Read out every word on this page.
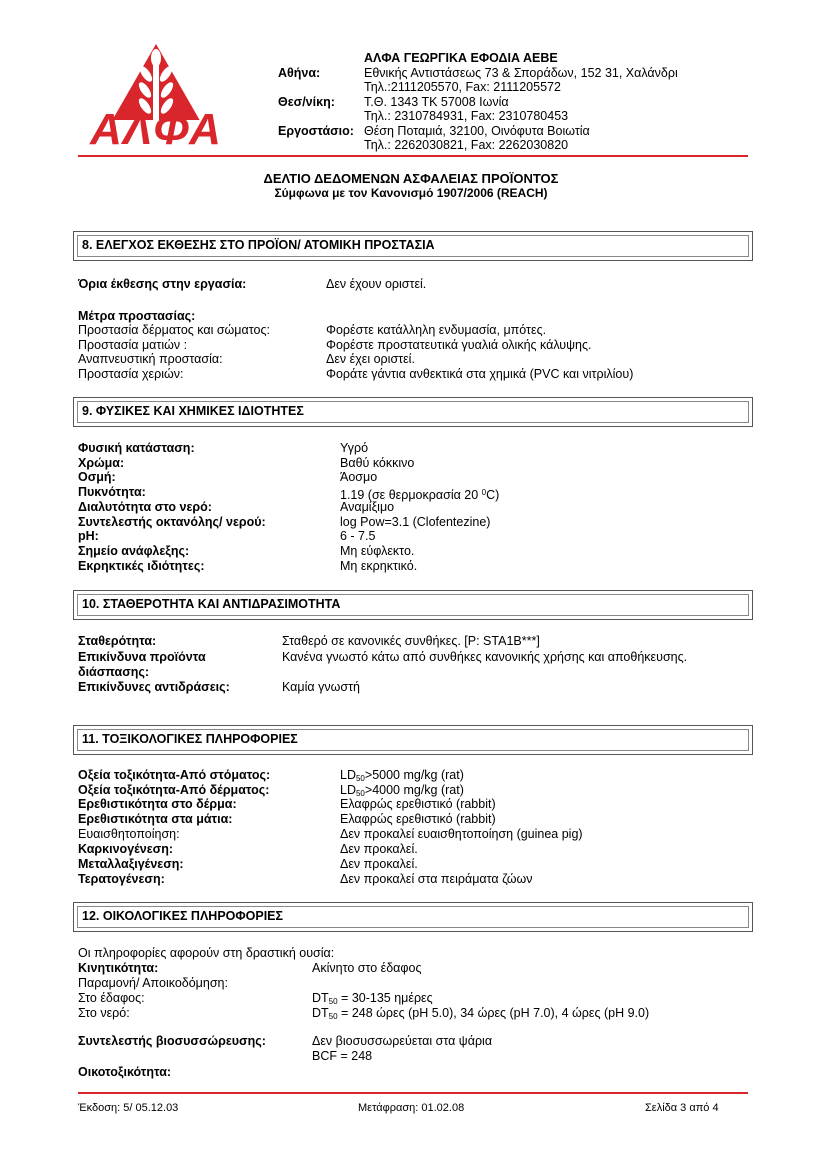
ΑΛΦΑ
ΑΛΦΑ ΓΕΩΡΓΙΚΑ ΕΦΟΔΙΑ ΑΕΒΕ
Αθήνα:	Εθνικής Αντιστάσεως 73 & Σποράδων, 152 31, Χαλάνδρι
Τηλ.:2111205570, Fax: 2111205572
Θεσ/νίκη: Τ.Θ. 1343 ΤΚ 57008 Ιωνία
Τηλ.: 2310784931, Fax: 2310780453
Εργοστάσιο: Θέση Ποταμιά, 32100, Οινόφυτα Βοιωτία
Τηλ.: 2262030821, Fax: 2262030820
ΔΕΛΤΙΟ ΔΕΔΟΜΕΝΩΝ ΑΣΦΑΛΕΙΑΣ ΠΡΟΪΟΝΤΟΣ
Σύμφωνα με τον Κανονισμό 1907/2006 (REACH)
8. ΕΛΕΓΧΟΣ ΕΚΘΕΣΗΣ ΣΤΟ ΠΡΟΪΟΝ/ ΑΤΟΜΙΚΗ ΠΡΟΣΤΑΣΙΑ
Όρια έκθεσης στην εργασία:	Δεν έχουν οριστεί.
Μέτρα προστασίας:
Προστασία δέρματος και σώματος:	Φορέστε κατάλληλη ενδυμασία, μπότες.
Προστασία ματιών :	Φορέστε προστατευτικά γυαλιά ολικής κάλυψης.
Αναπνευστική προστασία:	Δεν έχει οριστεί.
Προστασία χεριών:	Φοράτε γάντια ανθεκτικά στα χημικά (PVC και νιτριλίου)
9. ΦΥΣΙΚΕΣ ΚΑΙ ΧΗΜΙΚΕΣ ΙΔΙΟΤΗΤΕΣ
Φυσική κατάσταση:	Υγρό
Χρώμα:	Βαθύ κόκκινο
Οσμή:	Άοσμο
Πυκνότητα:	1.19 (σε θερμοκρασία 20 $^0$C)
Διαλυτότητα στο νερό:	Αναμίξιμο
Συντελεστής οκτανόλης/ νερού:	log Pow=3.1 (Clofentezine)
pH:	6 - 7.5
Σημείο ανάφλεξης:	Μη εύφλεκτο.
Εκρηκτικές ιδιότητες:	Μη εκρηκτικό.
10. ΣΤΑΘΕΡΟΤΗΤΑ ΚΑΙ ΑΝΤΙΔΡΑΣΙΜΟΤΗΤΑ
Σταθερότητα:	Σταθερό σε κανονικές συνθήκες. [P: STA1B***]
Επικίνδυνα προϊόντα	Κανένα γνωστό κάτω από συνθήκες κανονικής χρήσης και αποθήκευσης.
διάσπασης:
Επικίνδυνες αντιδράσεις:	Καμία γνωστή
11. ΤΟΞΙΚΟΛΟΓΙΚΕΣ ΠΛΗΡΟΦΟΡΙΕΣ
Οξεία τοξικότητα-Από στόματος:	$LD_{50}>5000$ mg/kg (rat)
Οξεία τοξικότητα-Από δέρματος:	$LD_{50}>4000$ mg/kg (rat)
Ερεθιστικότητα στο δέρμα:	Ελαφρώς ερεθιστικό (rabbit)
Ερεθιστικότητα στα μάτια:	Ελαφρώς ερεθιστικό (rabbit)
Ευαισθητοποίηση:	Δεν προκαλεί ευαισθητοποίηση (guinea pig)
Καρκινογένεση:	Δεν προκαλεί.
Μεταλλαξιγένεση:	Δεν προκαλεί.
Τερατογένεση:	Δεν προκαλεί στα πειράματα ζώων
12. ΟΙΚΟΛΟΓΙΚΕΣ ΠΛΗΡΟΦΟΡΙΕΣ
Οι πληροφορίες αφορούν στη δραστική ουσία:
Κινητικότητα:	Ακίνητο στο έδαφος
Παραμονή/ Αποικοδόμηση:
Στο έδαφος:	$DT_{50} = 30-135$ ημέρες
Στο νερό:	$DT_{50} = 248$ ώρες (pH 5.0), 34 ώρες (pH 7.0), 4 ώρες (pH 9.0)
Συντελεστής βιοσυσσώρευσης:	Δεν βιοσυσσωρεύεται στα ψάρια
BCF = 248
Οικοτοξικότητα:
Έκδοση: 5/ 05.12.03	Μετάφραση: 01.02.08	Σελίδα 3 από 4
